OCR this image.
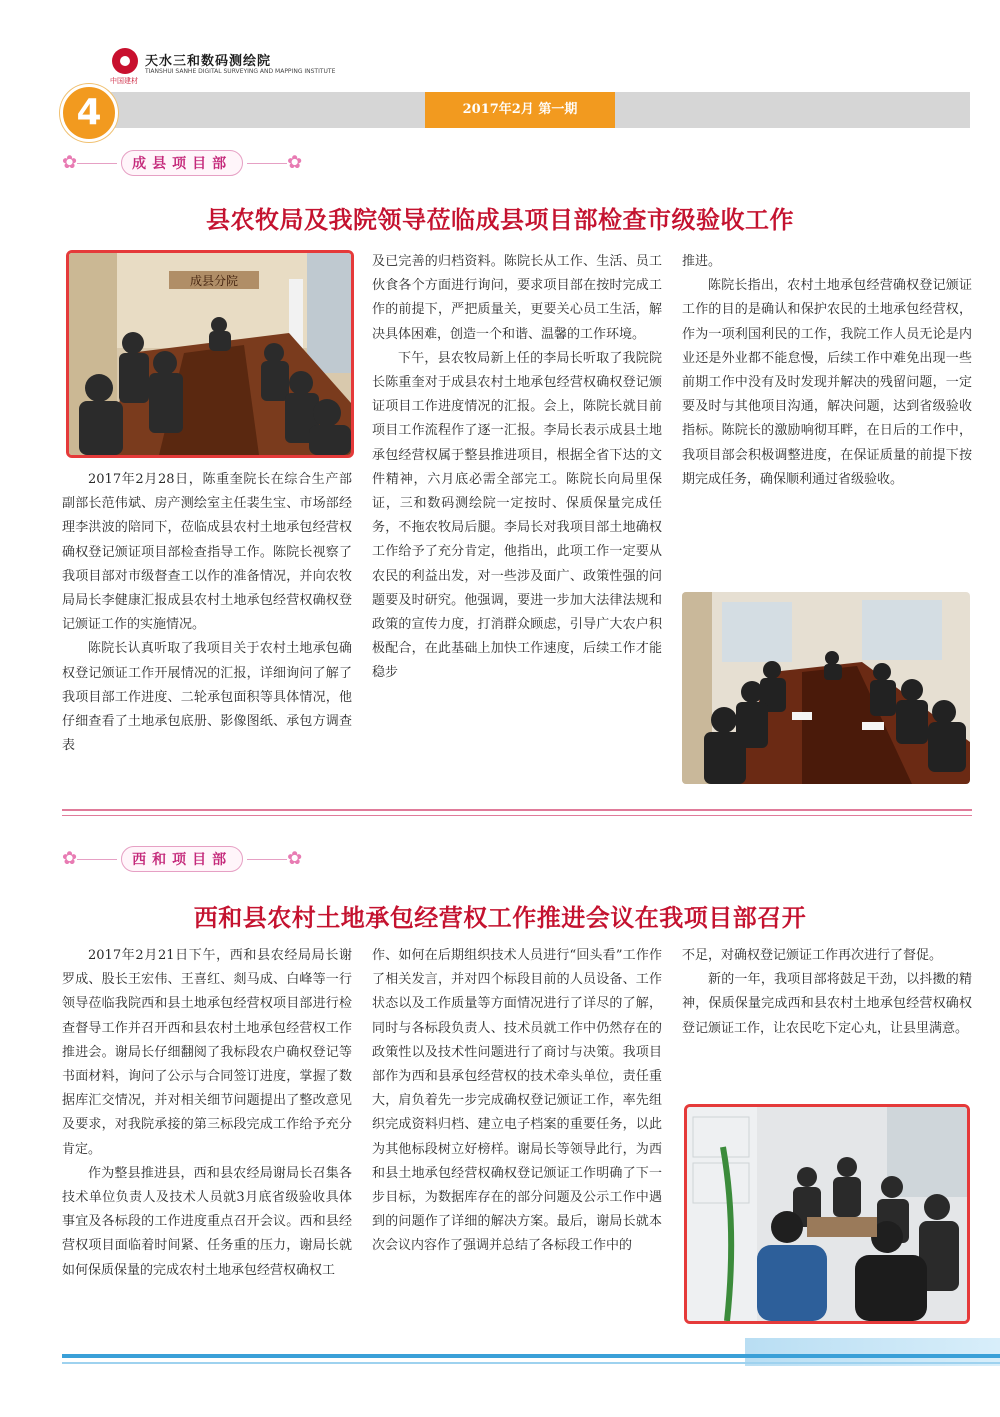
中国建材
天水三和数码测绘院
TIANSHUI SANHE DIGITAL SURVEYING AND MAPPING INSTITUTE
2017年2月 第一期
4
✿	成县项目部	✿
县农牧局及我院领导莅临成县项目部检查市级验收工作
成县分院

2017年2月28日，陈重奎院长在综合生产部副部长范伟斌、房产测绘室主任裴生宝、市场部经理李洪波的陪同下，莅临成县农村土地承包经营权确权登记颁证项目部检查指导工作。陈院长视察了我项目部对市级督查工以作的准备情况，并向农牧局局长李健康汇报成县农村土地承包经营权确权登记颁证工作的实施情况。

陈院长认真听取了我项目关于农村土地承包确权登记颁证工作开展情况的汇报，详细询问了解了我项目部工作进度、二轮承包面积等具体情况，他仔细查看了土地承包底册、影像图纸、承包方调查表

及已完善的归档资料。陈院长从工作、生活、员工伙食各个方面进行询问，要求项目部在按时完成工作的前提下，严把质量关，更要关心员工生活，解决具体困难，创造一个和谐、温馨的工作环境。

下午，县农牧局新上任的李局长听取了我院院长陈重奎对于成县农村土地承包经营权确权登记颁证项目工作进度情况的汇报。会上，陈院长就目前项目工作流程作了逐一汇报。李局长表示成县土地承包经营权属于整县推进项目，根据全省下达的文件精神，六月底必需全部完工。陈院长向局里保证，三和数码测绘院一定按时、保质保量完成任务，不拖农牧局后腿。李局长对我项目部土地确权工作给予了充分肯定，他指出，此项工作一定要从农民的利益出发，对一些涉及面广、政策性强的问题要及时研究。他强调，要进一步加大法律法规和政策的宣传力度，打消群众顾虑，引导广大农户积极配合，在此基础上加快工作速度，后续工作才能稳步

推进。

陈院长指出，农村土地承包经营确权登记颁证工作的目的是确认和保护农民的土地承包经营权，作为一项利国利民的工作，我院工作人员无论是内业还是外业都不能怠慢，后续工作中难免出现一些前期工作中没有及时发现并解决的残留问题，一定要及时与其他项目沟通，解决问题，达到省级验收指标。陈院长的激励响彻耳畔，在日后的工作中，我项目部会积极调整进度，在保证质量的前提下按期完成任务，确保顺利通过省级验收。

✿	西和项目部	✿
西和县农村土地承包经营权工作推进会议在我项目部召开

2017年2月21日下午，西和县农经局局长谢罗成、股长王宏伟、王喜红、剡马成、白峰等一行领导莅临我院西和县土地承包经营权项目部进行检查督导工作并召开西和县农村土地承包经营权工作推进会。谢局长仔细翻阅了我标段农户确权登记等书面材料，询问了公示与合同签订进度，掌握了数据库汇交情况，并对相关细节问题提出了整改意见及要求，对我院承接的第三标段完成工作给予充分肯定。

作为整县推进县，西和县农经局谢局长召集各技术单位负责人及技术人员就3月底省级验收具体事宜及各标段的工作进度重点召开会议。西和县经营权项目面临着时间紧、任务重的压力，谢局长就如何保质保量的完成农村土地承包经营权确权工

作、如何在后期组织技术人员进行“回头看”工作作了相关发言，并对四个标段目前的人员设备、工作状态以及工作质量等方面情况进行了详尽的了解，同时与各标段负责人、技术员就工作中仍然存在的政策性以及技术性问题进行了商讨与决策。我项目部作为西和县承包经营权的技术牵头单位，责任重大，肩负着先一步完成确权登记颁证工作，率先组织完成资料归档、建立电子档案的重要任务，以此为其他标段树立好榜样。谢局长等领导此行，为西和县土地承包经营权确权登记颁证工作明确了下一步目标，为数据库存在的部分问题及公示工作中遇到的问题作了详细的解决方案。最后，谢局长就本次会议内容作了强调并总结了各标段工作中的

不足，对确权登记颁证工作再次进行了督促。

新的一年，我项目部将鼓足干劲，以抖擞的精神，保质保量完成西和县农村土地承包经营权确权登记颁证工作，让农民吃下定心丸，让县里满意。
